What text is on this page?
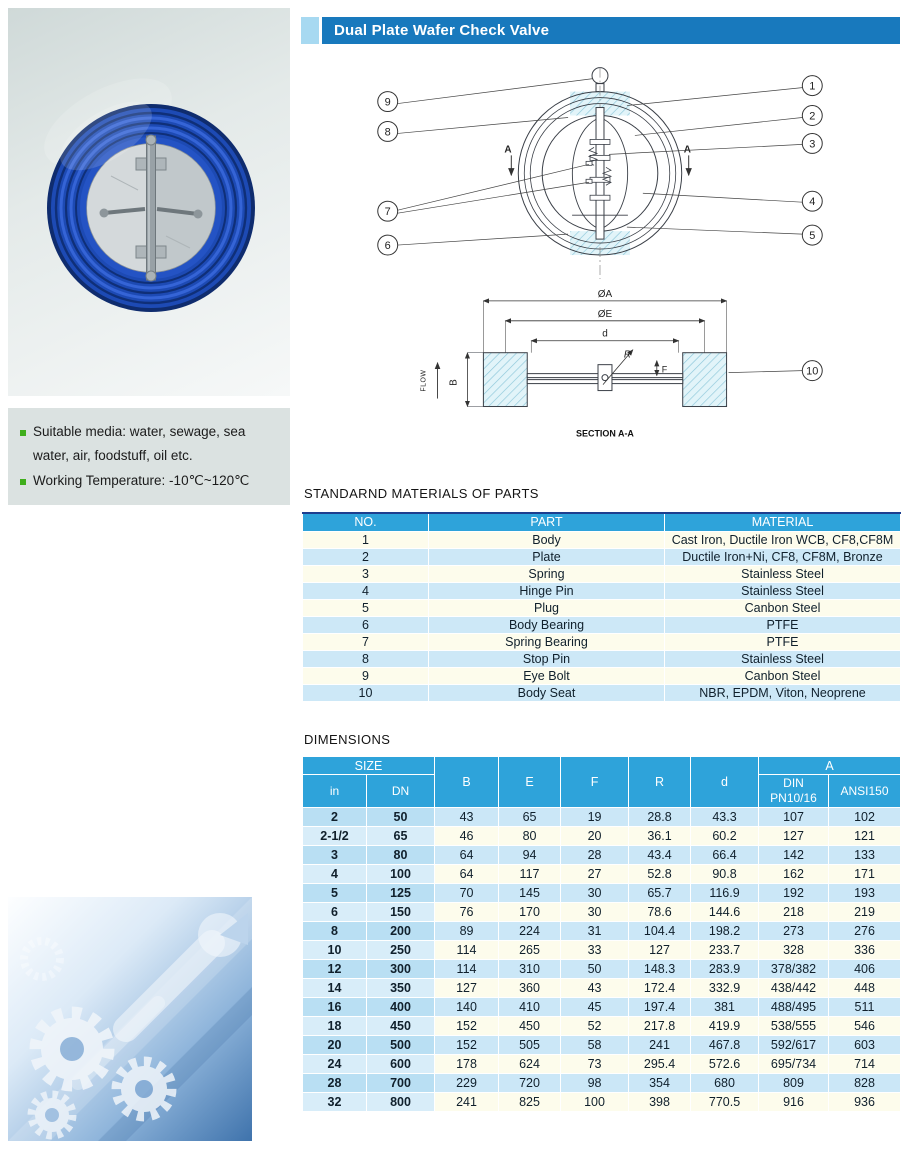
Suitable media: water, sewage, sea water, air, foodstuff, oil etc.
Working Temperature: -10℃~120℃
Dual Plate Wafer Check Valve
A	A
1
2
3
4
5
6
7
8
9
10
ØA
ØE
d
R
F
B
FLOW
SECTION A-A
STANDARND MATERIALS OF PARTS
NO.	PART	MATERIAL
1	Body	Cast Iron, Ductile Iron WCB, CF8,CF8M
2	Plate	Ductile Iron+Ni, CF8, CF8M, Bronze
3	Spring	Stainless Steel
4	Hinge Pin	Stainless Steel
5	Plug	Canbon Steel
6	Body Bearing	PTFE
7	Spring Bearing	PTFE
8	Stop Pin	Stainless Steel
9	Eye Bolt	Canbon Steel
10	Body Seat	NBR, EPDM, Viton, Neoprene
DIMENSIONS
SIZE		B	E	F	R	d	A	
in	DN						DIN PN10/16	ANSI150
2	50	43	65	19	28.8	43.3	107	102
2-1/2	65	46	80	20	36.1	60.2	127	121
3	80	64	94	28	43.4	66.4	142	133
4	100	64	117	27	52.8	90.8	162	171
5	125	70	145	30	65.7	116.9	192	193
6	150	76	170	30	78.6	144.6	218	219
8	200	89	224	31	104.4	198.2	273	276
10	250	114	265	33	127	233.7	328	336
12	300	114	310	50	148.3	283.9	378/382	406
14	350	127	360	43	172.4	332.9	438/442	448
16	400	140	410	45	197.4	381	488/495	511
18	450	152	450	52	217.8	419.9	538/555	546
20	500	152	505	58	241	467.8	592/617	603
24	600	178	624	73	295.4	572.6	695/734	714
28	700	229	720	98	354	680	809	828
32	800	241	825	100	398	770.5	916	936
